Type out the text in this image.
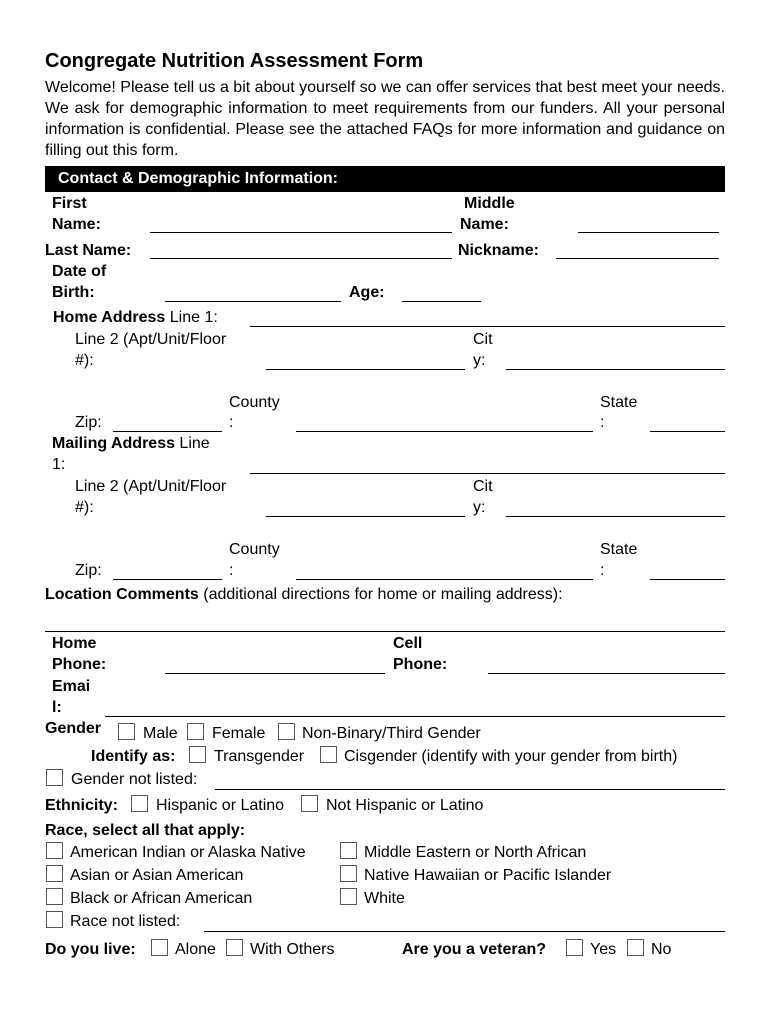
Congregate Nutrition Assessment Form
Welcome! Please tell us a bit about yourself so we can offer services that best meet your needs. We ask for demographic information to meet requirements from our funders. All your personal information is confidential. Please see the attached FAQs for more information and guidance on filling out this form.
Contact & Demographic Information:
First
Name:
Middle
Name:
Last Name:	Nickname:
Date of
Birth:	Age:
Home Address Line 1:
Line 2 (Apt/Unit/Floor
#):
Cit
y:
County
:
State
:
Zip:
Mailing Address Line
1:
Line 2 (Apt/Unit/Floor
#):
Cit
y:
County
:
State
:
Zip:
Location Comments (additional directions for home or mailing address):
Home
Phone:
Cell
Phone:
Emai
l:
Gender	Male Female Non-Binary/Third Gender
Identify as: Transgender Cisgender (identify with your gender from birth)
Gender not listed:
Ethnicity: Hispanic or Latino	Not Hispanic or Latino
Race, select all that apply:
American Indian or Alaska Native	Middle Eastern or North African
Asian or Asian American	Native Hawaiian or Pacific Islander
Black or African American	White
Race not listed:
Do you live: Alone With Others	Are you a veteran?	Yes No
